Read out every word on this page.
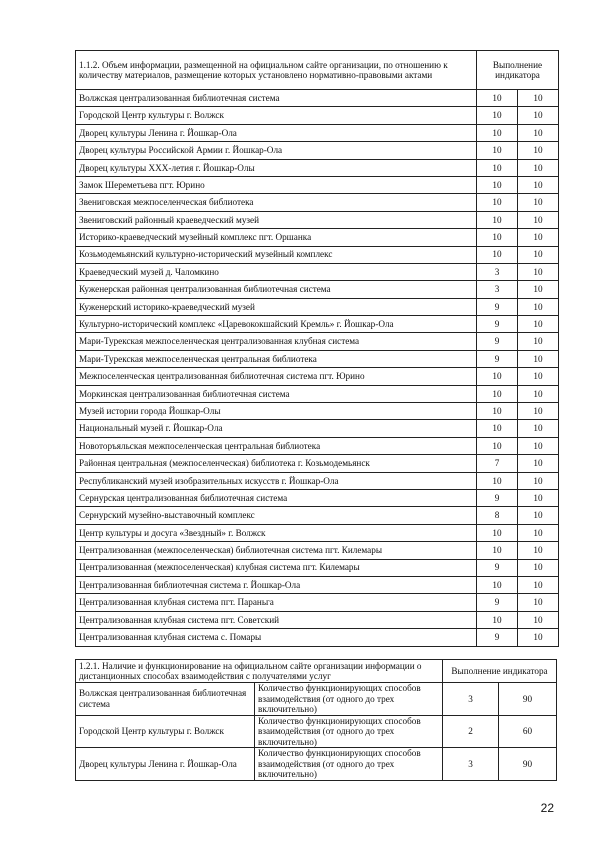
1.1.2. Объем информации, размещенной на официальном сайте организации, по отношению к количеству материалов, размещение которых установлено нормативно-правовыми актами	Выполнение индикатора	
Волжская централизованная библиотечная система	10	10
Городской Центр культуры г. Волжск	10	10
Дворец культуры Ленина г. Йошкар-Ола	10	10
Дворец культуры Российской Армии г. Йошкар-Ола	10	10
Дворец культуры XXX-летия г. Йошкар-Олы	10	10
Замок Шереметьева пгт. Юрино	10	10
Звениговская межпоселенческая библиотека	10	10
Звениговский районный краеведческий музей	10	10
Историко-краеведческий музейный комплекс пгт. Оршанка	10	10
Козьмодемьянский культурно-исторический музейный комплекс	10	10
Краеведческий музей д. Чаломкино	3	10
Куженерская районная централизованная библиотечная система	3	10
Куженерский историко-краеведческий музей	9	10
Культурно-исторический комплекс «Царевококшайский Кремль» г. Йошкар-Ола	9	10
Мари-Турекская межпоселенческая централизованная клубная система	9	10
Мари-Турекская межпоселенческая центральная библиотека	9	10
Межпоселенческая централизованная библиотечная система пгт. Юрино	10	10
Моркинская централизованная библиотечная система	10	10
Музей истории города Йошкар-Олы	10	10
Национальный музей г. Йошкар-Ола	10	10
Новоторъяльская межпоселенческая центральная библиотека	10	10
Районная центральная (межпоселенческая) библиотека г. Козьмодемьянск	7	10
Республиканский музей изобразительных искусств г. Йошкар-Ола	10	10
Сернурская централизованная библиотечная система	9	10
Сернурский музейно-выставочный комплекс	8	10
Центр культуры и досуга «Звездный» г. Волжск	10	10
Централизованная (межпоселенческая) библиотечная система пгт. Килемары	10	10
Централизованная (межпоселенческая) клубная система пгт. Килемары	9	10
Централизованная библиотечная система г. Йошкар-Ола	10	10
Централизованная клубная система пгт. Параньга	9	10
Централизованная клубная система пгт. Советский	10	10
Централизованная клубная система с. Помары	9	10
1.2.1. Наличие и функционирование на официальном сайте организации информации о дистанционных способах взаимодействия с получателями услуг		Выполнение индикатора	
Волжская централизованная библиотечная система	Количество функционирующих способов взаимодействия (от одного до трех включительно)	3	90
Городской Центр культуры г. Волжск	Количество функционирующих способов взаимодействия (от одного до трех включительно)	2	60
Дворец культуры Ленина г. Йошкар-Ола	Количество функционирующих способов взаимодействия (от одного до трех включительно)	3	90
22
